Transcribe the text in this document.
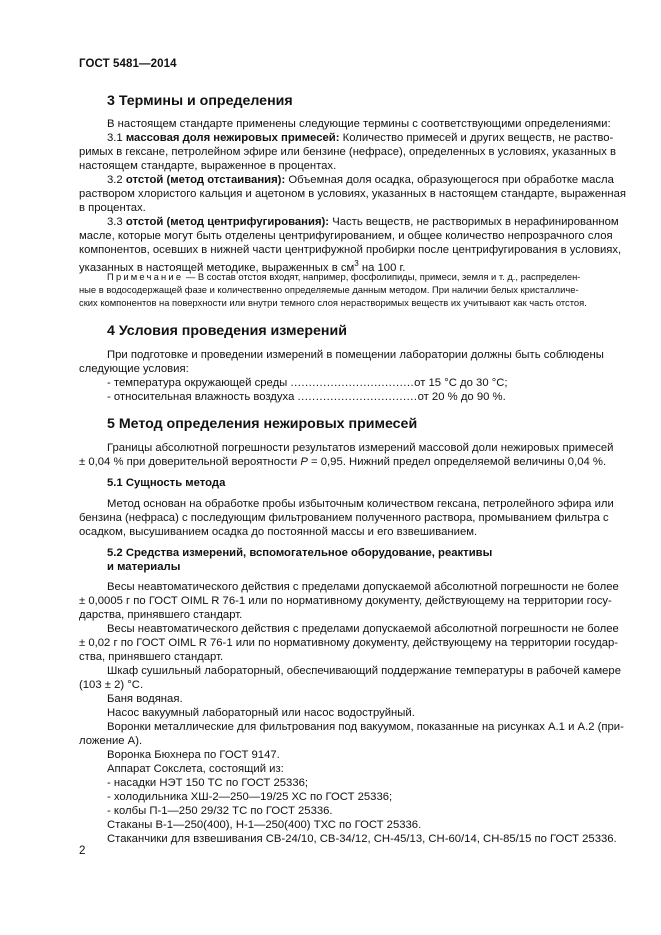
ГОСТ 5481—2014
3 Термины и определения
В настоящем стандарте применены следующие термины с соответствующими определениями:
3.1 массовая доля нежировых примесей: Количество примесей и других веществ, не раство-
римых в гексане, петролейном эфире или бензине (нефрасе), определенных в условиях, указанных в
настоящем стандарте, выраженное в процентах.
3.2 отстой (метод отстаивания): Объемная доля осадка, образующегося при обработке масла
раствором хлористого кальция и ацетоном в условиях, указанных в настоящем стандарте, выраженная
в процентах.
3.3 отстой (метод центрифугирования): Часть веществ, не растворимых в нерафинированном
масле, которые могут быть отделены центрифугированием, и общее количество непрозрачного слоя
компонентов, осевших в нижней части центрифужной пробирки после центрифугирования в условиях,
указанных в настоящей методике, выраженных в $см^3$ на 100 г.
Примечание — В состав отстоя входят, например, фосфолипиды, примеси, земля и т. д., распределен-
ные в водосодержащей фазе и количественно определяемые данным методом. При наличии белых кристалличе-
ских компонентов на поверхности или внутри темного слоя нерастворимых веществ их учитывают как часть отстоя.
4 Условия проведения измерений
При подготовке и проведении измерений в помещении лаборатории должны быть соблюдены
следующие условия:
- температура окружающей среды ..................................от 15 °С до 30 °С;
- относительная влажность воздуха .................................от 20 % до 90 %.
5 Метод определения нежировых примесей
Границы абсолютной погрешности результатов измерений массовой доли нежировых примесей
± 0,04 % при доверительной вероятности P = 0,95. Нижний предел определяемой величины 0,04 %.
5.1 Сущность метода
Метод основан на обработке пробы избыточным количеством гексана, петролейного эфира или
бензина (нефраса) с последующим фильтрованием полученного раствора, промыванием фильтра с
осадком, высушиванием осадка до постоянной массы и его взвешиванием.
5.2 Средства измерений, вспомогательное оборудование, реактивы
и материалы
Весы неавтоматического действия с пределами допускаемой абсолютной погрешности не более
± 0,0005 г по ГОСТ OIML R 76-1 или по нормативному документу, действующему на территории госу-
дарства, принявшего стандарт.
Весы неавтоматического действия с пределами допускаемой абсолютной погрешности не более
± 0,02 г по ГОСТ OIML R 76-1 или по нормативному документу, действующему на территории государ-
ства, принявшего стандарт.
Шкаф сушильный лабораторный, обеспечивающий поддержание температуры в рабочей камере
(103 ± 2) °С.
Баня водяная.
Насос вакуумный лабораторный или насос водоструйный.
Воронки металлические для фильтрования под вакуумом, показанные на рисунках А.1 и А.2 (при-
ложение А).
Воронка Бюхнера по ГОСТ 9147.
Аппарат Сокслета, состоящий из:
- насадки НЭТ 150 ТС по ГОСТ 25336;
- холодильника ХШ-2—250—19/25 ХС по ГОСТ 25336;
- колбы П-1—250 29/32 ТС по ГОСТ 25336.
Стаканы В-1—250(400), Н-1—250(400) ТХС по ГОСТ 25336.
Стаканчики для взвешивания СВ-24/10, СВ-34/12, СН-45/13, СН-60/14, СН-85/15 по ГОСТ 25336.
2
